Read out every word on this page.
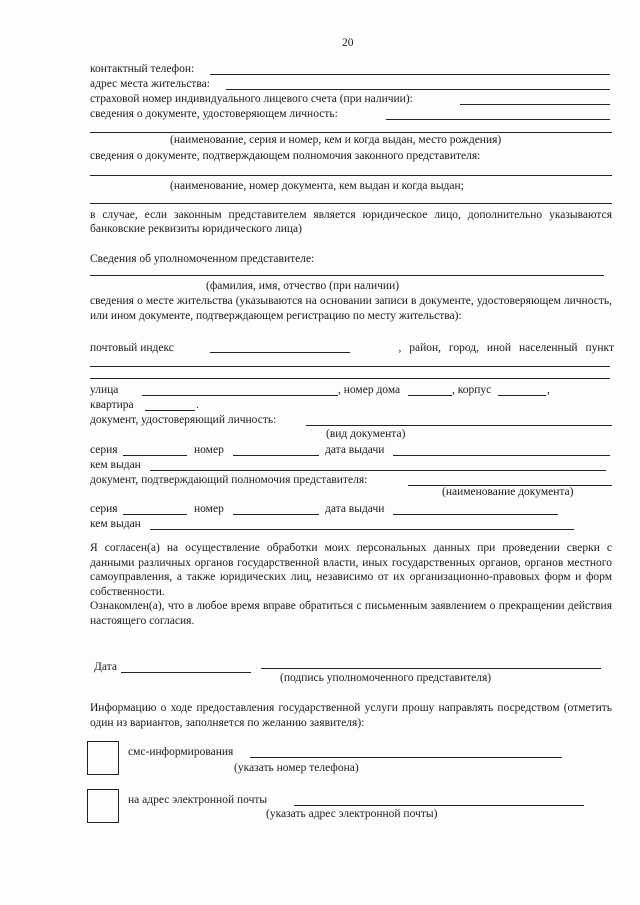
20
контактный телефон:
адрес места жительства:
страховой номер индивидуального лицевого счета (при наличии):
сведения о документе, удостоверяющем личность:
(наименование, серия и номер, кем и когда выдан, место рождения)
сведения о документе, подтверждающем полномочия законного представителя:
(наименование, номер документа, кем выдан и когда выдан;
в случае, если законным представителем является юридическое лицо, дополнительно указываются банковские реквизиты юридического лица)
Сведения об уполномоченном представителе:
(фамилия, имя, отчество (при наличии)
сведения о месте жительства (указываются на основании записи в документе, удостоверяющем личность, или ином документе, подтверждающем регистрацию по месту жительства):
почтовый индекс	, район, город, иной населенный пункт
улица	, номер дома	, корпус	,
квартира	.
документ, удостоверяющий личность:
(вид документа)
серия	номер	дата выдачи
кем выдан
документ, подтверждающий полномочия представителя:
(наименование документа)
серия	номер	дата выдачи
кем выдан
Я согласен(а) на осуществление обработки моих персональных данных при проведении сверки с данными различных органов государственной власти, иных государственных органов, органов местного самоуправления, а также юридических лиц, независимо от их организационно-правовых форм и форм собственности.
Ознакомлен(а), что в любое время вправе обратиться с письменным заявлением о прекращении действия настоящего согласия.
Дата
(подпись уполномоченного представителя)
Информацию о ходе предоставления государственной услуги прошу направлять посредством (отметить один из вариантов, заполняется по желанию заявителя):
смс-информирования
(указать номер телефона)
на адрес электронной почты
(указать адрес электронной почты)
